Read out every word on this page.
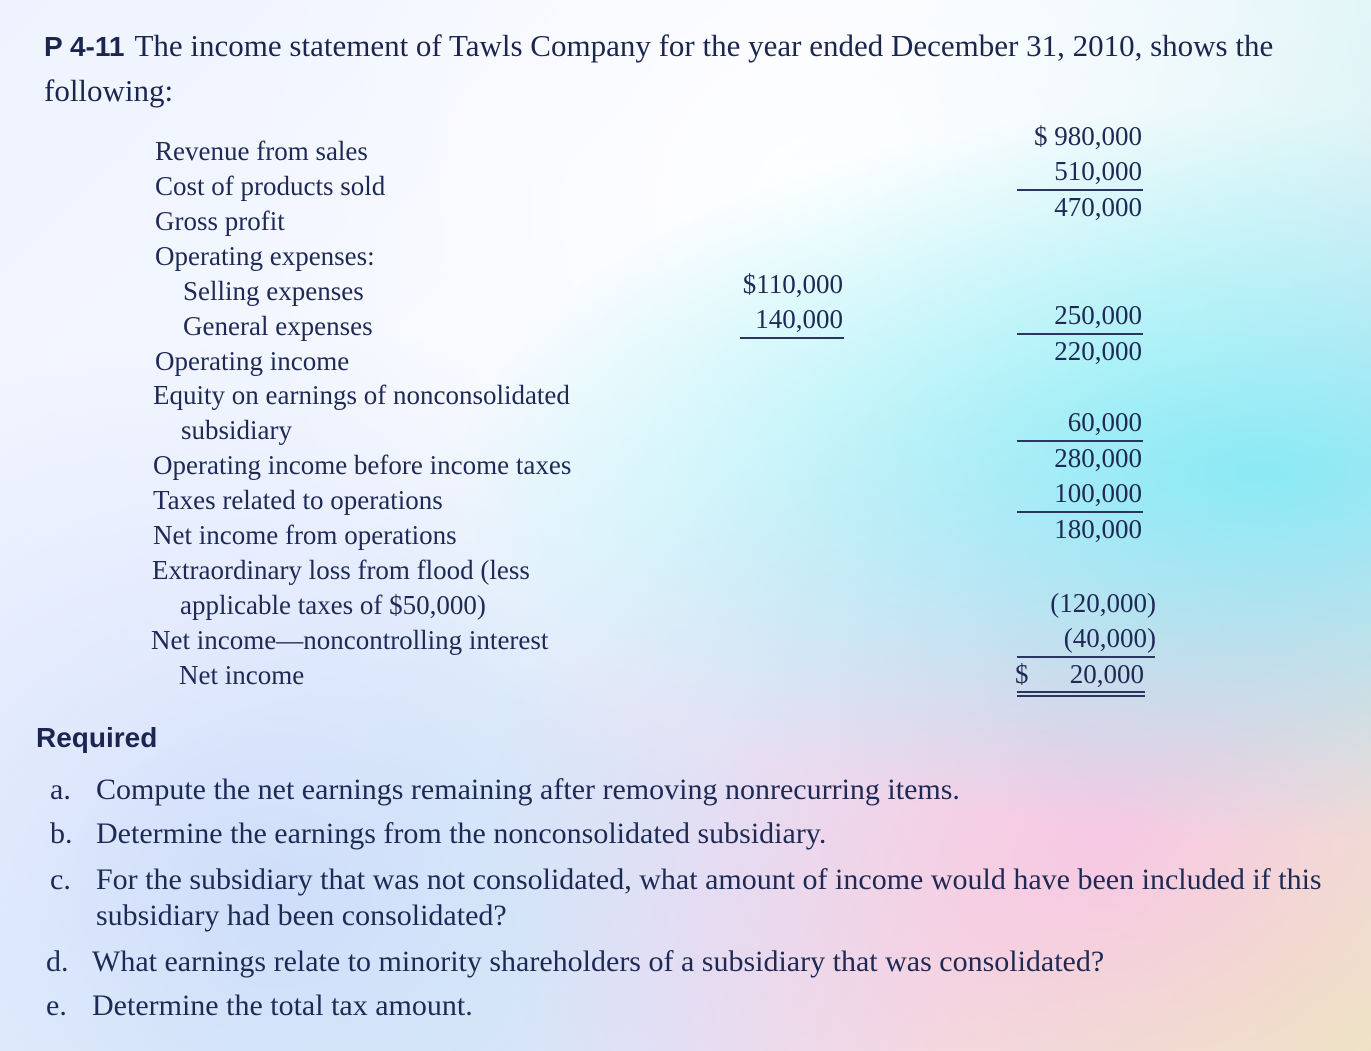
P 4-11 The income statement of Tawls Company for the year ended December 31, 2010, shows the following:
Revenue from sales
Cost of products sold
Gross profit
Operating expenses:
Selling expenses
General expenses
Operating income
Equity on earnings of nonconsolidated
subsidiary
Operating income before income taxes
Taxes related to operations
Net income from operations
Extraordinary loss from flood (less
applicable taxes of $50,000)
Net income—noncontrolling interest
Net income
$110,000
140,000
$ 980,000
510,000
470,000
250,000
220,000
60,000
280,000
100,000
180,000
(120,000)
(40,000)
$ 20,000
Required
a. Compute the net earnings remaining after removing nonrecurring items.
b. Determine the earnings from the nonconsolidated subsidiary.
c. For the subsidiary that was not consolidated, what amount of income would have been included if this subsidiary had been consolidated?
d. What earnings relate to minority shareholders of a subsidiary that was consolidated?
e. Determine the total tax amount.
